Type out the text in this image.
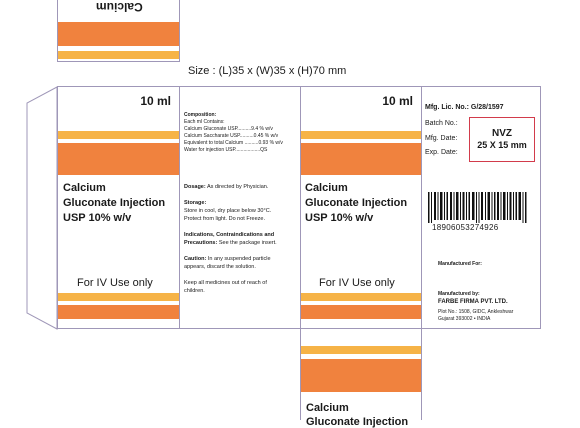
Calcium
Size : (L)35 x (W)35 x (H)70 mm
10 ml
Calcium
Gluconate Injection
USP 10% w/v
For IV Use only
Composition:
Each ml Contains:
Calcium Gluconate USP..........9.4 % w/v
Calcium Saccharate USP..........0.45 % w/v
Equivalent to total Calcium ..........0.93 % w/v
Water for injection USP..................QS
Dosage: As directed by Physician.
Storage:
Store in cool, dry place below 30°C.
Protect from light. Do not Freeze.
Indications, Contraindications and
Precautions: See the package insert.
Caution: In any suspended particle
appears, discard the solution.
Keep all medicines out of reach of
children.
10 ml
Calcium
Gluconate Injection
USP 10% w/v
For IV Use only
Mfg. Lic. No.: G/28/1597
Batch No.:
Mfg. Date:
Exp. Date:
NVZ
25 X 15 mm
18906053274926
Manufactured For:
Manufactured by:
FARBE FIRMA PVT. LTD.
Plot No.: 1508, GIDC, Ankleshwar
Gujarat 393002 • INDIA
Calcium
Gluconate Injection
